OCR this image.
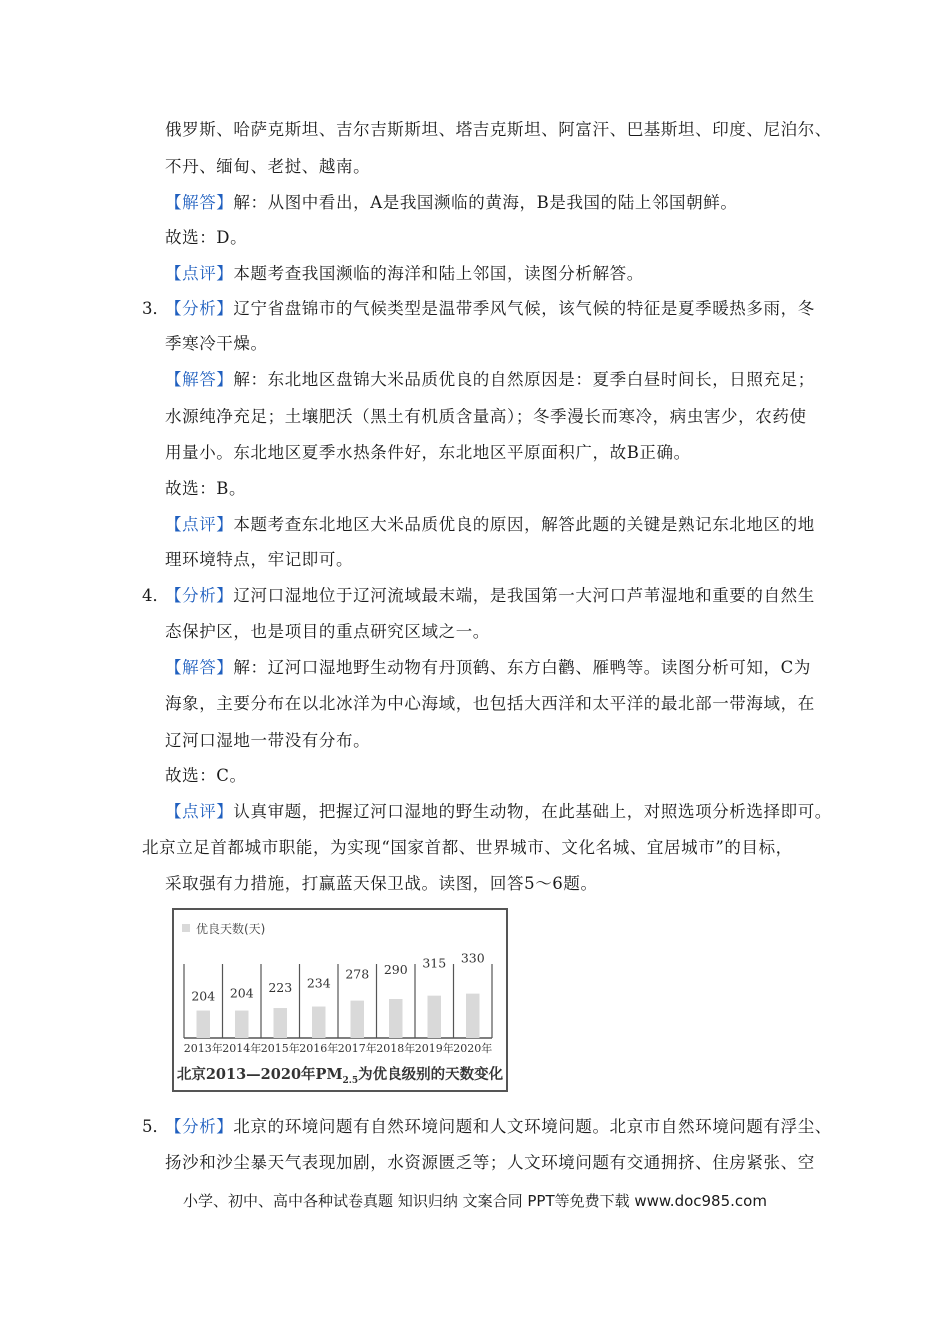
俄罗斯、哈萨克斯坦、吉尔吉斯斯坦、塔吉克斯坦、阿富汗、巴基斯坦、印度、尼泊尔、
不丹、缅甸、老挝、越南。
【解答】解：从图中看出，A是我国濒临的黄海，B是我国的陆上邻国朝鲜。
故选：D。
【点评】本题考查我国濒临的海洋和陆上邻国，读图分析解答。
3．
【分析】辽宁省盘锦市的气候类型是温带季风气候，该气候的特征是夏季暖热多雨，冬
季寒冷干燥。
【解答】解：东北地区盘锦大米品质优良的自然原因是：夏季白昼时间长，日照充足；
水源纯净充足；土壤肥沃（黑土有机质含量高）；冬季漫长而寒冷，病虫害少，农药使
用量小。东北地区夏季水热条件好，东北地区平原面积广，故B正确。
故选：B。
【点评】本题考查东北地区大米品质优良的原因，解答此题的关键是熟记东北地区的地
理环境特点，牢记即可。
4．
【分析】辽河口湿地位于辽河流域最末端，是我国第一大河口芦苇湿地和重要的自然生
态保护区，也是项目的重点研究区域之一。
【解答】解：辽河口湿地野生动物有丹顶鹤、东方白鹳、雁鸭等。读图分析可知，C为
海象，主要分布在以北冰洋为中心海域，也包括大西洋和太平洋的最北部一带海域，在
辽河口湿地一带没有分布。
故选：C。
【点评】认真审题，把握辽河口湿地的野生动物，在此基础上，对照选项分析选择即可。
北京立足首都城市职能，为实现“国家首都、世界城市、文化名城、宜居城市”的目标，
采取强有力措施，打赢蓝天保卫战。读图，回答5～6题。
优良天数(天)
204
2013年
204
2014年
223
2015年
234
2016年
278
2017年
290
2018年
315
2019年
330
2020年
北京2013—2020年$PM_{2.5}$为优良级别的天数变化
5．
【分析】北京的环境问题有自然环境问题和人文环境问题。北京市自然环境问题有浮尘、
扬沙和沙尘暴天气表现加剧，水资源匮乏等；人文环境问题有交通拥挤、住房紧张、空
小学、初中、高中各种试卷真题 知识归纳 文案合同 PPT等免费下载 www.doc985.com
